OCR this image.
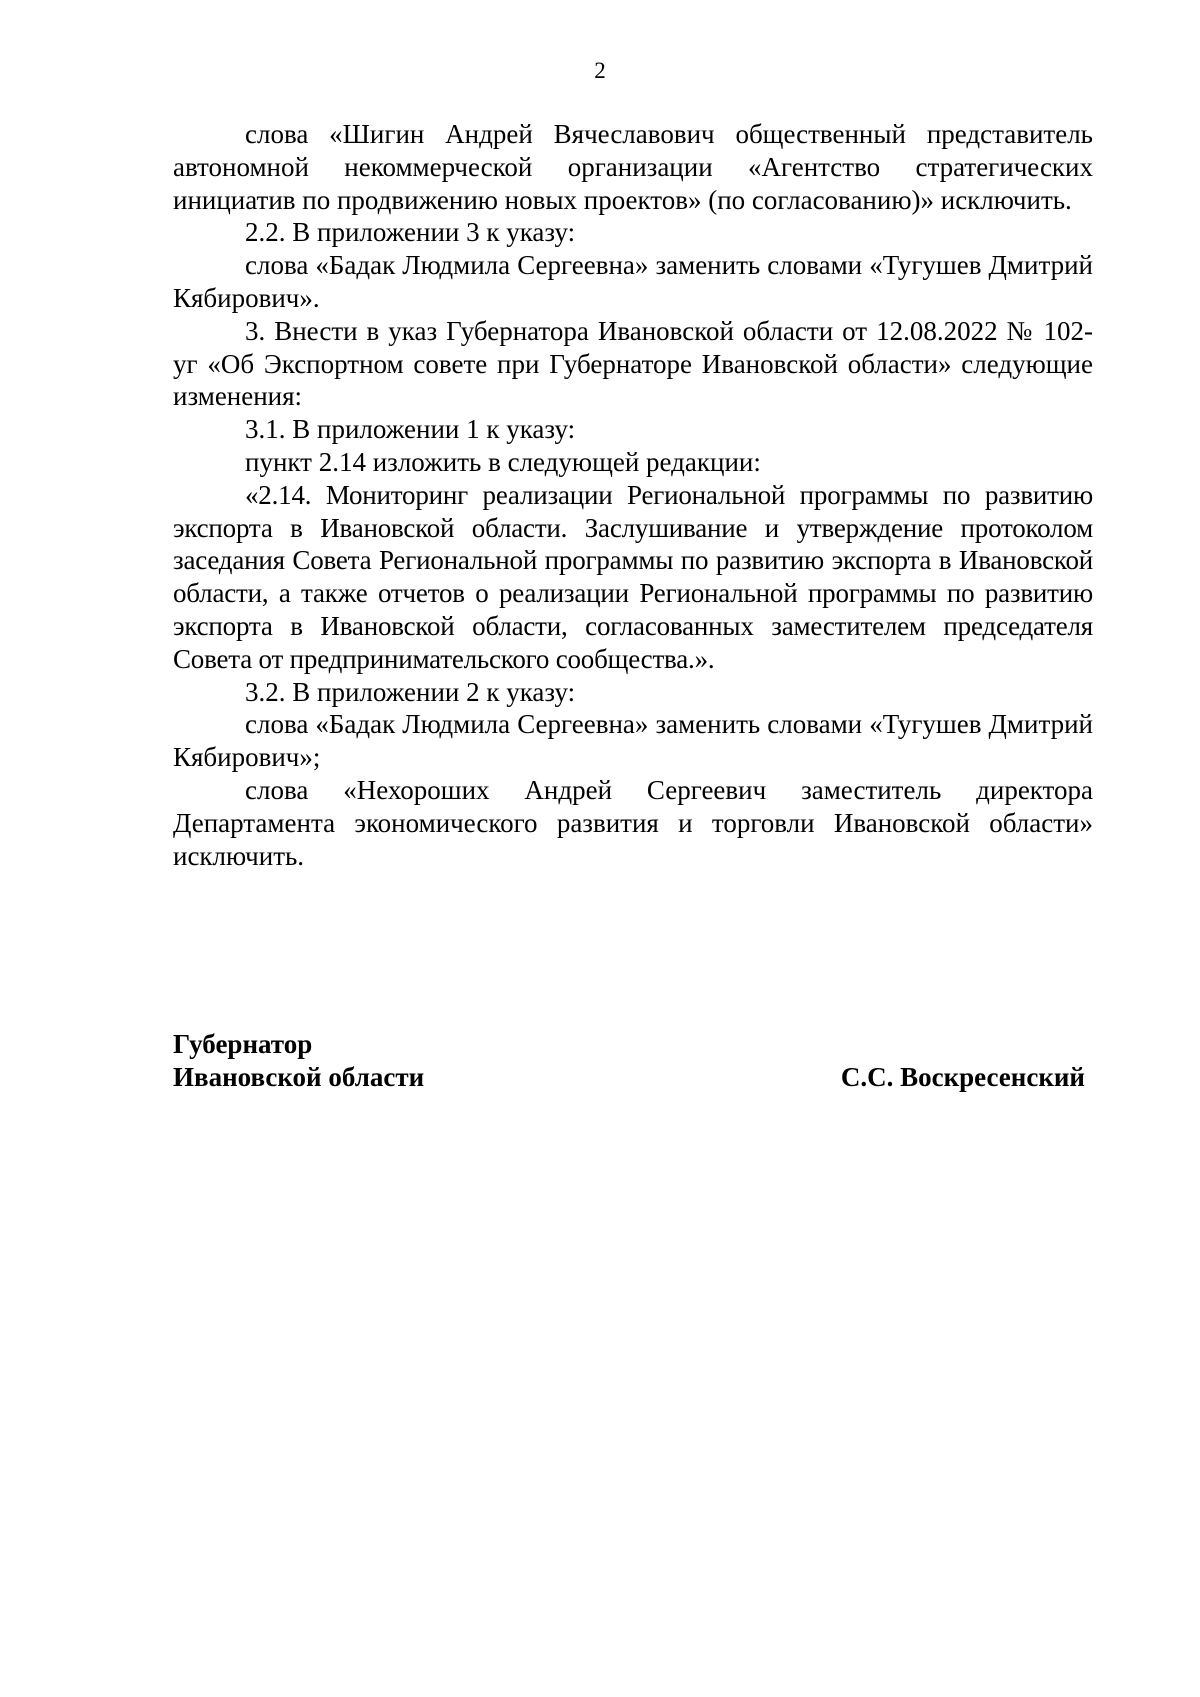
2

слова «Шигин Андрей Вячеславович общественный представитель автономной некоммерческой организации «Агентство стратегических инициатив по продвижению новых проектов» (по согласованию)» исключить.

2.2. В приложении 3 к указу:

слова «Бадак Людмила Сергеевна» заменить словами «Тугушев Дмитрий Кябирович».

3. Внести в указ Губернатора Ивановской области от 12.08.2022 № 102-уг «Об Экспортном совете при Губернаторе Ивановской области» следующие изменения:

3.1. В приложении 1 к указу:

пункт 2.14 изложить в следующей редакции:

«2.14. Мониторинг реализации Региональной программы по развитию экспорта в Ивановской области. Заслушивание и утверждение протоколом заседания Совета Региональной программы по развитию экспорта в Ивановской области, а также отчетов о реализации Региональной программы по развитию экспорта в Ивановской области, согласованных заместителем председателя Совета от предпринимательского сообщества.».

3.2. В приложении 2 к указу:

слова «Бадак Людмила Сергеевна» заменить словами «Тугушев Дмитрий Кябирович»;

слова «Нехороших Андрей Сергеевич заместитель директора Департамента экономического развития и торговли Ивановской области» исключить.

Губернатор
Ивановской области	С.С. Воскресенский
